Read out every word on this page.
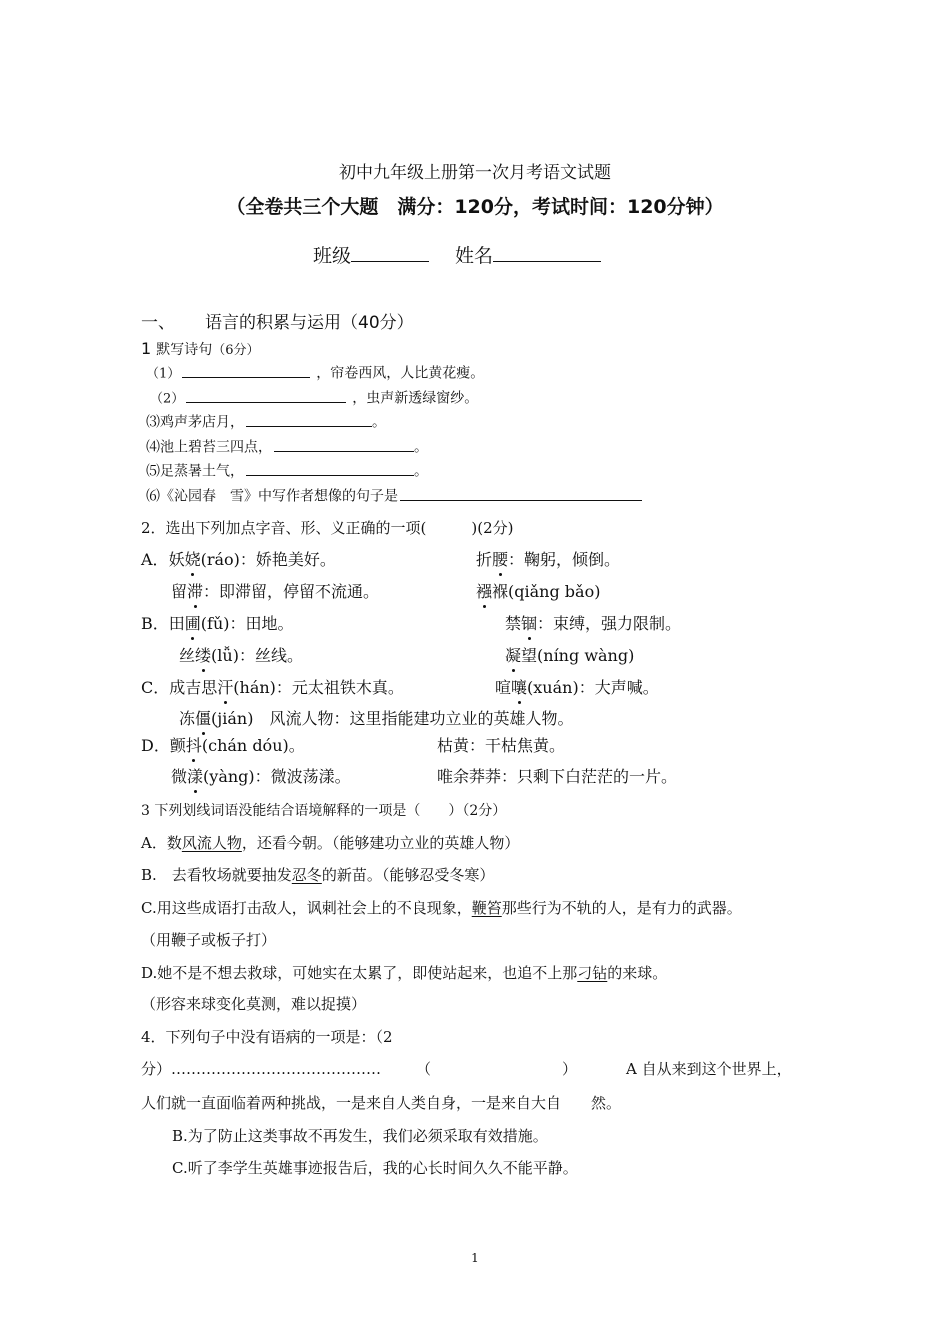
初中九年级上册第一次月考语文试题
（全卷共三个大题　满分：120分，考试时间：120分钟）
班级	姓名
一、 语言的积累与运用（40分）
1 默写诗句（6分）
（1）	，帘卷西风，人比黄花瘦。
（2）	，虫声新透绿窗纱。
⑶鸡声茅店月，	。
⑷池上碧苔三四点，	。
⑸足蒸暑土气，	。
⑹《沁园春　雪》中写作者想像的句子是
2．选出下列加点字音、形、义正确的一项(　　　)(2分)
A．妖娆(ráo)：娇艳美好。	折腰：鞠躬，倾倒。
留滞：即滞留，停留不流通。	襁褓(qiǎng bǎo)
B．田圃(fǔ)：田地。	禁锢：束缚，强力限制。
丝缕(lǚ)：丝线。	凝望(níng wàng)
C．成吉思汗(hán)：元太祖铁木真。	喧嚷(xuán)：大声喊。
冻僵(jián)　风流人物：这里指能建功立业的英雄人物。
D．颤抖(chán dóu)。	枯黄：干枯焦黄。
微漾(yàng)：微波荡漾。	唯余莽莽：只剩下白茫茫的一片。
3 下列划线词语没能结合语境解释的一项是（　　）（2分）
A．数风流人物，还看今朝。（能够建功立业的英雄人物）
B.　去看牧场就要抽发忍冬的新苗。（能够忍受冬寒）
C.用这些成语打击敌人，讽刺社会上的不良现象，鞭笞那些行为不轨的人，是有力的武器。
（用鞭子或板子打）
D.她不是不想去救球，可她实在太累了，即使站起来，也追不上那刁钻的来球。
（形容来球变化莫测，难以捉摸）
4．下列句子中没有语病的一项是：（2
分）…………………………………… （	）	A 自从来到这个世界上，
人们就一直面临着两种挑战，一是来自人类自身，一是来自大自　　然。
B.为了防止这类事故不再发生，我们必须采取有效措施。
C.听了李学生英雄事迹报告后，我的心长时间久久不能平静。
1
